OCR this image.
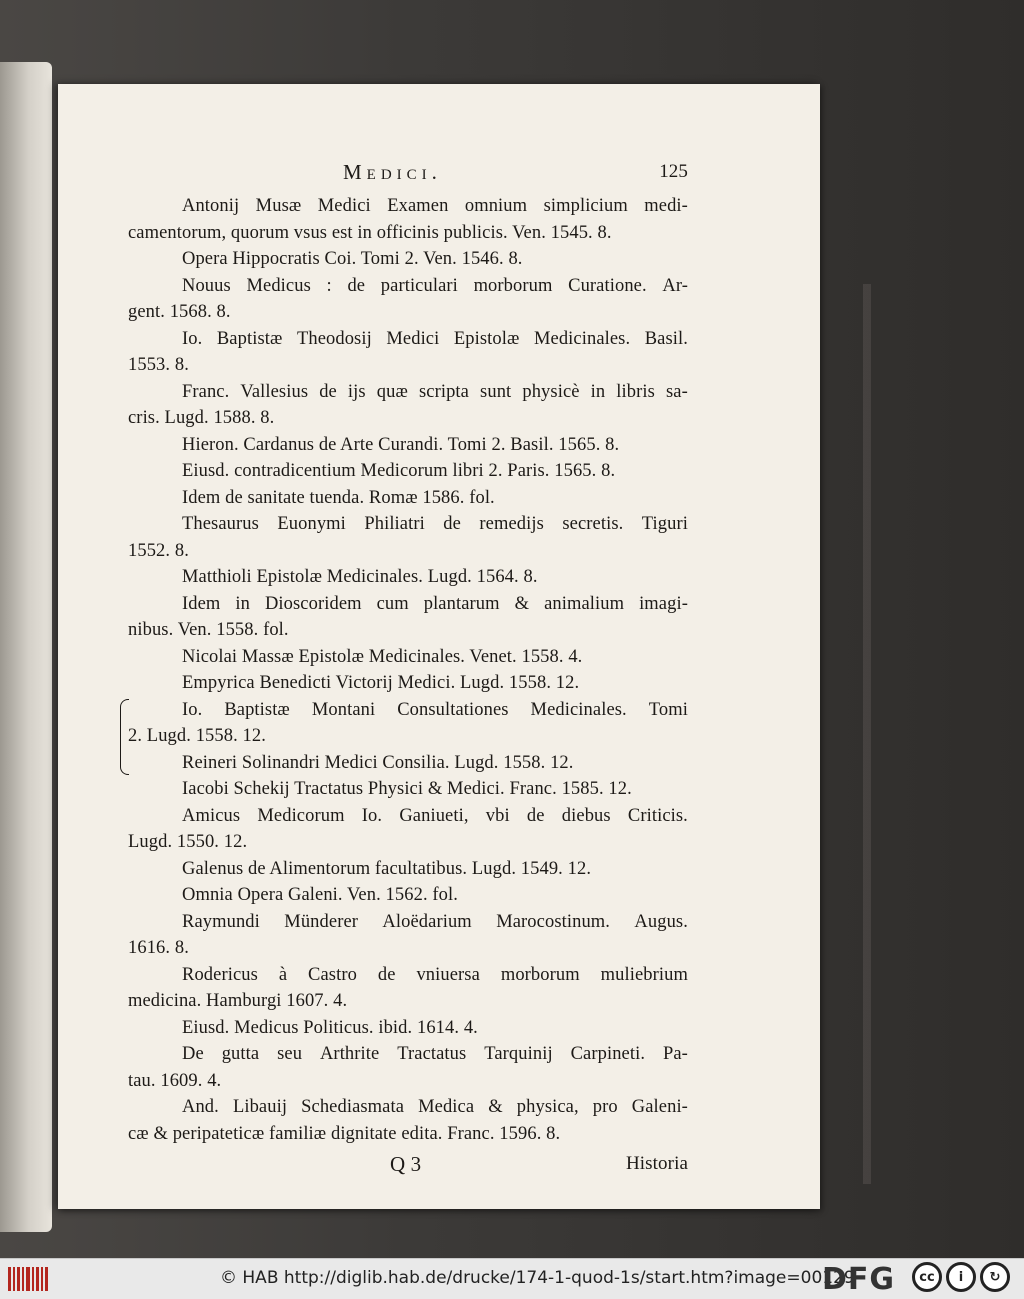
Medici.	125
Antonij Musæ Medici Examen omnium simplicium medi-
camentorum, quorum vsus est in officinis publicis. Ven. 1545. 8.
Opera Hippocratis Coi. Tomi 2. Ven. 1546. 8.
Nouus Medicus : de particulari morborum Curatione. Ar-
gent. 1568. 8.
Io. Baptistæ Theodosij Medici Epistolæ Medicinales. Basil.
1553. 8.
Franc. Vallesius de ijs quæ scripta sunt physicè in libris sa-
cris. Lugd. 1588. 8.
Hieron. Cardanus de Arte Curandi. Tomi 2. Basil. 1565. 8.
Eiusd. contradicentium Medicorum libri 2. Paris. 1565. 8.
Idem de sanitate tuenda. Romæ 1586. fol.
Thesaurus Euonymi Philiatri de remedijs secretis. Tiguri
1552. 8.
Matthioli Epistolæ Medicinales. Lugd. 1564. 8.
Idem in Dioscoridem cum plantarum & animalium imagi-
nibus. Ven. 1558. fol.
Nicolai Massæ Epistolæ Medicinales. Venet. 1558. 4.
Empyrica Benedicti Victorij Medici. Lugd. 1558. 12.
Io. Baptistæ Montani Consultationes Medicinales. Tomi
2. Lugd. 1558. 12.
Reineri Solinandri Medici Consilia. Lugd. 1558. 12.
Iacobi Schekij Tractatus Physici & Medici. Franc. 1585. 12.
Amicus Medicorum Io. Ganiueti, vbi de diebus Criticis.
Lugd. 1550. 12.
Galenus de Alimentorum facultatibus. Lugd. 1549. 12.
Omnia Opera Galeni. Ven. 1562. fol.
Raymundi Münderer Aloëdarium Marocostinum. Augus.
1616. 8.
Rodericus à Castro de vniuersa morborum muliebrium
medicina. Hamburgi 1607. 4.
Eiusd. Medicus Politicus. ibid. 1614. 4.
De gutta seu Arthrite Tractatus Tarquinij Carpineti. Pa-
tau. 1609. 4.
And. Libauij Schediasmata Medica & physica, pro Galeni-
cæ & peripateticæ familiæ dignitate edita. Franc. 1596. 8.
Q 3	Historia
© HAB http://diglib.hab.de/drucke/174-1-quod-1s/start.htm?image=00129
DFG	cc	i	↻
